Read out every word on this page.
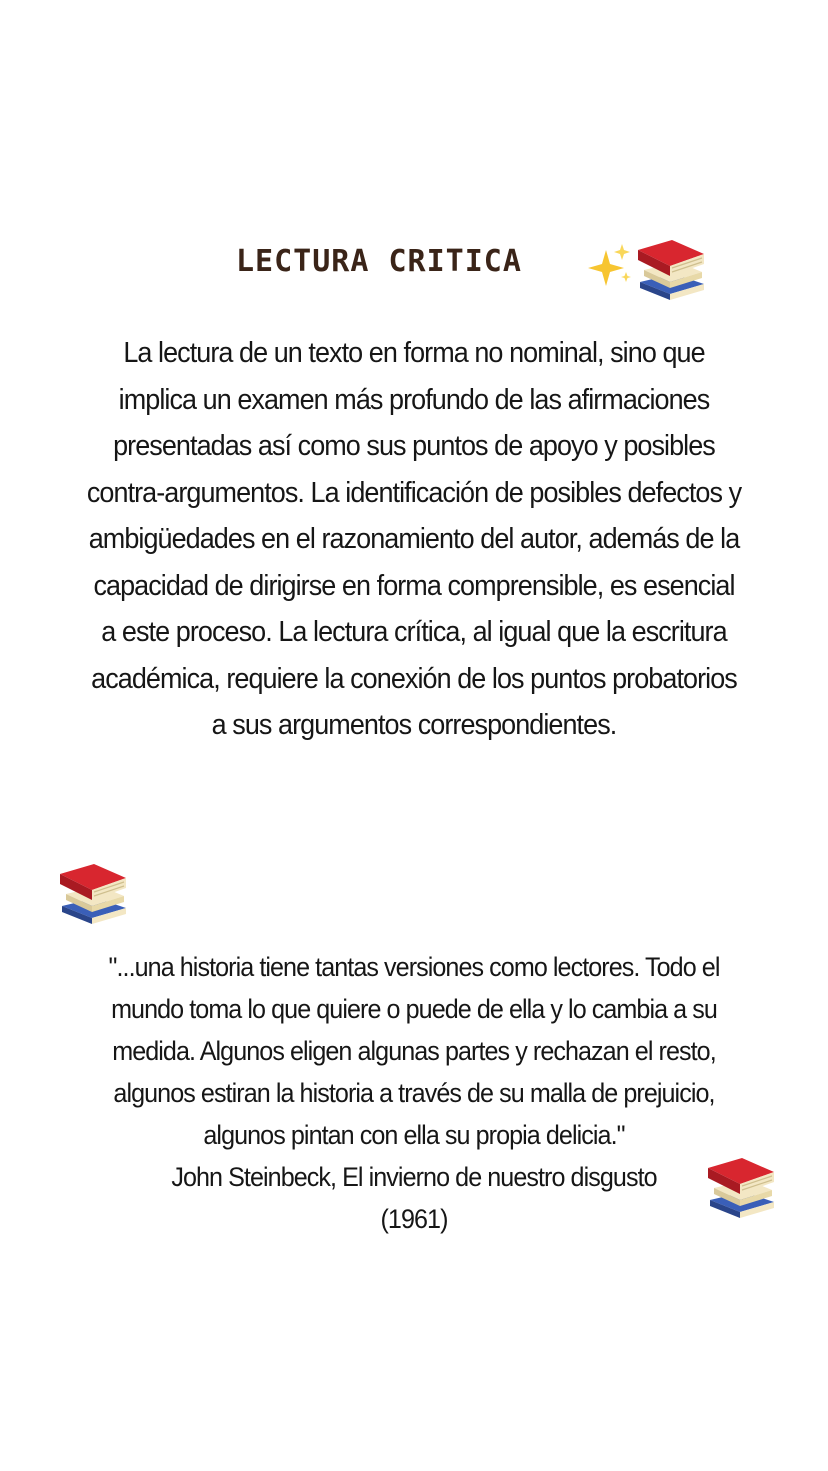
LECTURA CRITICA
La lectura de un texto en forma no nominal, sino que implica un examen más profundo de las afirmaciones presentadas así como sus puntos de apoyo y posibles contra-argumentos. La identificación de posibles defectos y ambigüedades en el razonamiento del autor, además de la capacidad de dirigirse en forma comprensible, es esencial a este proceso. La lectura crítica, al igual que la escritura académica, requiere la conexión de los puntos probatorios a sus argumentos correspondientes.
"...una historia tiene tantas versiones como lectores. Todo el mundo toma lo que quiere o puede de ella y lo cambia a su medida. Algunos eligen algunas partes y rechazan el resto, algunos estiran la historia a través de su malla de prejuicio, algunos pintan con ella su propia delicia."
John Steinbeck, El invierno de nuestro disgusto
(1961)
